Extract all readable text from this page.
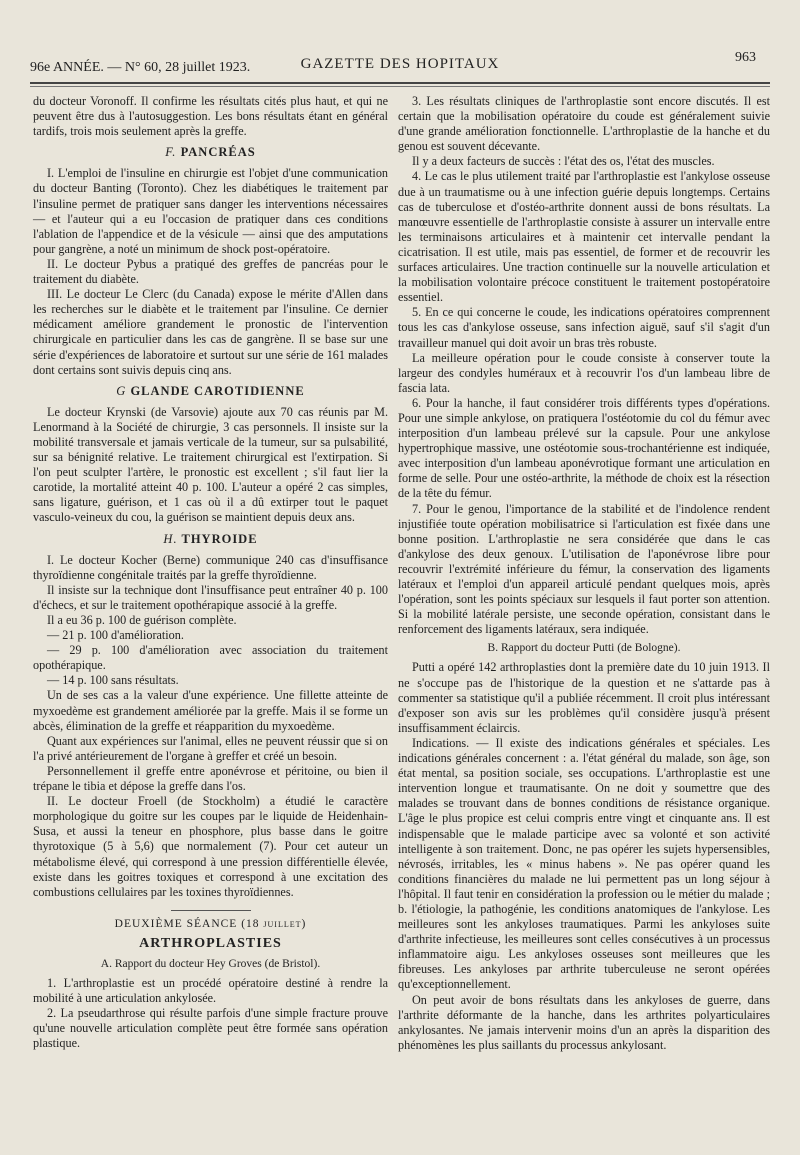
96e ANNÉE. — N° 60, 28 juillet 1923.	GAZETTE DES HOPITAUX	963

du docteur Voronoff. Il confirme les résultats cités plus haut, et qui ne peuvent être dus à l'autosuggestion. Les bons résultats étant en général tardifs, trois mois seulement après la greffe.

F. PANCRÉAS

I. L'emploi de l'insuline en chirurgie est l'objet d'une communication du docteur Banting (Toronto). Chez les diabétiques le traitement par l'insuline permet de pratiquer sans danger les interventions nécessaires — et l'auteur qui a eu l'occasion de pratiquer dans ces conditions l'ablation de l'appendice et de la vésicule — ainsi que des amputations pour gangrène, a noté un minimum de shock post-opératoire.

II. Le docteur Pybus a pratiqué des greffes de pancréas pour le traitement du diabète.

III. Le docteur Le Clerc (du Canada) expose le mérite d'Allen dans les recherches sur le diabète et le traitement par l'insuline. Ce dernier médicament améliore grandement le pronostic de l'intervention chirurgicale en particulier dans les cas de gangrène. Il se base sur une série d'expériences de laboratoire et surtout sur une série de 161 malades dont certains sont suivis depuis cinq ans.

G GLANDE CAROTIDIENNE

Le docteur Krynski (de Varsovie) ajoute aux 70 cas réunis par M. Lenormand à la Société de chirurgie, 3 cas personnels. Il insiste sur la mobilité transversale et jamais verticale de la tumeur, sur sa pulsabilité, sur sa bénignité relative. Le traitement chirurgical est l'extirpation. Si l'on peut sculpter l'artère, le pronostic est excellent ; s'il faut lier la carotide, la mortalité atteint 40 p. 100. L'auteur a opéré 2 cas simples, sans ligature, guérison, et 1 cas où il a dû extirper tout le paquet vasculo-veineux du cou, la guérison se maintient depuis deux ans.

H. THYROIDE

I. Le docteur Kocher (Berne) communique 240 cas d'insuffisance thyroïdienne congénitale traités par la greffe thyroïdienne.

Il insiste sur la technique dont l'insuffisance peut entraîner 40 p. 100 d'échecs, et sur le traitement opothérapique associé à la greffe.

Il a eu 36 p. 100 de guérison complète.

— 21 p. 100 d'amélioration.

— 29 p. 100 d'amélioration avec association du traitement opothérapique.

— 14 p. 100 sans résultats.

Un de ses cas a la valeur d'une expérience. Une fillette atteinte de myxoedème est grandement améliorée par la greffe. Mais il se forme un abcès, élimination de la greffe et réapparition du myxoedème.

Quant aux expériences sur l'animal, elles ne peuvent réussir que si on l'a privé antérieurement de l'organe à greffer et créé un besoin.

Personnellement il greffe entre aponévrose et péritoine, ou bien il trépane le tibia et dépose la greffe dans l'os.

II. Le docteur Froell (de Stockholm) a étudié le caractère morphologique du goitre sur les coupes par le liquide de Heidenhain-Susa, et aussi la teneur en phosphore, plus basse dans le goitre thyrotoxique (5 à 5,6) que normalement (7). Pour cet auteur un métabolisme élevé, qui correspond à une pression différentielle élevée, existe dans les goitres toxiques et correspond à une excitation des combustions cellulaires par les toxines thyroïdiennes.

DEUXIÈME SÉANCE (18 juillet)
ARTHROPLASTIES
A. Rapport du docteur Hey Groves (de Bristol).

1. L'arthroplastie est un procédé opératoire destiné à rendre la mobilité à une articulation ankylosée.

2. La pseudarthrose qui résulte parfois d'une simple fracture prouve qu'une nouvelle articulation complète peut être formée sans opération plastique.

3. Les résultats cliniques de l'arthroplastie sont encore discutés. Il est certain que la mobilisation opératoire du coude est généralement suivie d'une grande amélioration fonctionnelle. L'arthroplastie de la hanche et du genou est souvent décevante.

Il y a deux facteurs de succès : l'état des os, l'état des muscles.

4. Le cas le plus utilement traité par l'arthroplastie est l'ankylose osseuse due à un traumatisme ou à une infection guérie depuis longtemps. Certains cas de tuberculose et d'ostéo-arthrite donnent aussi de bons résultats. La manœuvre essentielle de l'arthroplastie consiste à assurer un intervalle entre les terminaisons articulaires et à maintenir cet intervalle pendant la cicatrisation. Il est utile, mais pas essentiel, de former et de recouvrir les surfaces articulaires. Une traction continuelle sur la nouvelle articulation et la mobilisation volontaire précoce constituent le traitement postopératoire essentiel.

5. En ce qui concerne le coude, les indications opératoires comprennent tous les cas d'ankylose osseuse, sans infection aiguë, sauf s'il s'agit d'un travailleur manuel qui doit avoir un bras très robuste.

La meilleure opération pour le coude consiste à conserver toute la largeur des condyles huméraux et à recouvrir l'os d'un lambeau libre de fascia lata.

6. Pour la hanche, il faut considérer trois différents types d'opérations. Pour une simple ankylose, on pratiquera l'ostéotomie du col du fémur avec interposition d'un lambeau prélevé sur la capsule. Pour une ankylose hypertrophique massive, une ostéotomie sous-trochantérienne est indiquée, avec interposition d'un lambeau aponévrotique formant une articulation en forme de selle. Pour une ostéo-arthrite, la méthode de choix est la résection de la tête du fémur.

7. Pour le genou, l'importance de la stabilité et de l'indolence rendent injustifiée toute opération mobilisatrice si l'articulation est fixée dans une bonne position. L'arthroplastie ne sera considérée que dans le cas d'ankylose des deux genoux. L'utilisation de l'aponévrose libre pour recouvrir l'extrémité inférieure du fémur, la conservation des ligaments latéraux et l'emploi d'un appareil articulé pendant quelques mois, après l'opération, sont les points spéciaux sur lesquels il faut porter son attention. Si la mobilité latérale persiste, une seconde opération, consistant dans le renforcement des ligaments latéraux, sera indiquée.

B. Rapport du docteur Putti (de Bologne).

Putti a opéré 142 arthroplasties dont la première date du 10 juin 1913. Il ne s'occupe pas de l'historique de la question et ne s'attarde pas à commenter sa statistique qu'il a publiée récemment. Il croit plus intéressant d'exposer son avis sur les problèmes qu'il considère jusqu'à présent insuffisamment éclaircis.

Indications. — Il existe des indications générales et spéciales. Les indications générales concernent : a. l'état général du malade, son âge, son état mental, sa position sociale, ses occupations. L'arthroplastie est une intervention longue et traumatisante. On ne doit y soumettre que des malades se trouvant dans de bonnes conditions de résistance organique. L'âge le plus propice est celui compris entre vingt et cinquante ans. Il est indispensable que le malade participe avec sa volonté et son activité intelligente à son traitement. Donc, ne pas opérer les sujets hypersensibles, névrosés, irritables, les « minus habens ». Ne pas opérer quand les conditions financières du malade ne lui permettent pas un long séjour à l'hôpital. Il faut tenir en considération la profession ou le métier du malade ; b. l'étiologie, la pathogénie, les conditions anatomiques de l'ankylose. Les meilleures sont les ankyloses traumatiques. Parmi les ankyloses suite d'arthrite infectieuse, les meilleures sont celles consécutives à un processus inflammatoire aigu. Les ankyloses osseuses sont meilleures que les fibreuses. Les ankyloses par arthrite tuberculeuse ne seront opérées qu'exceptionnellement.

On peut avoir de bons résultats dans les ankyloses de guerre, dans l'arthrite déformante de la hanche, dans les arthrites polyarticulaires ankylosantes. Ne jamais intervenir moins d'un an après la disparition des phénomènes les plus saillants du processus ankylosant.
